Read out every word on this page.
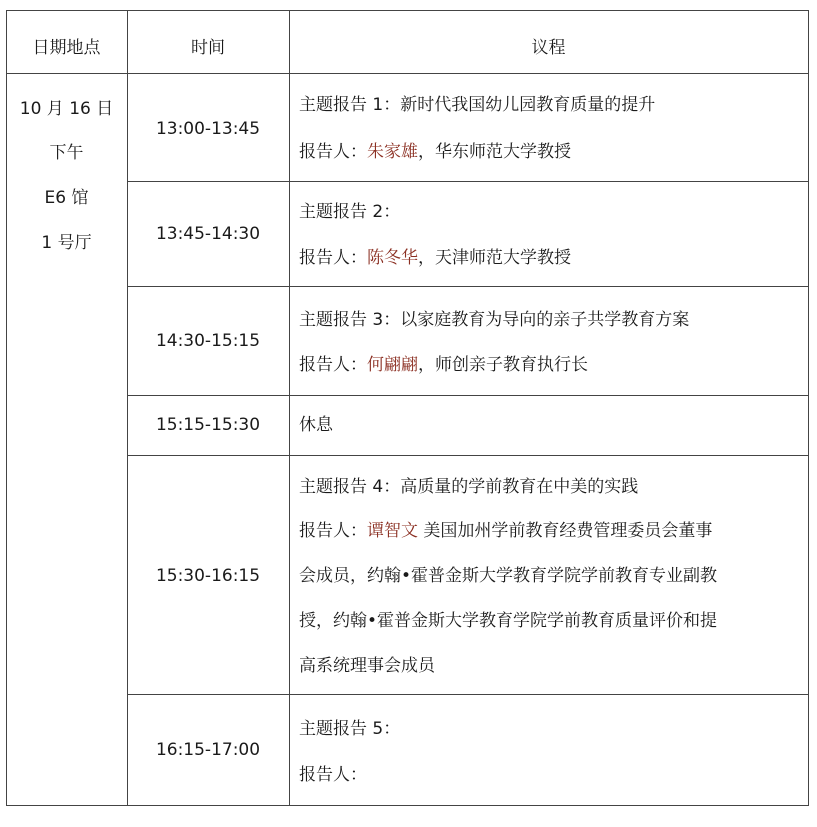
日期地点	时间	议程
10 月 16 日
下午
E6 馆
1 号厅
13:00-13:45
13:45-14:30
14:30-15:15
15:15-15:30
15:30-16:15
16:15-17:00
主题报告 1：新时代我国幼儿园教育质量的提升
报告人：朱家雄，华东师范大学教授
主题报告 2：
报告人：陈冬华，天津师范大学教授
主题报告 3：以家庭教育为导向的亲子共学教育方案
报告人：何翩翩，师创亲子教育执行长
休息
主题报告 4：高质量的学前教育在中美的实践
报告人：谭智文 美国加州学前教育经费管理委员会董事
会成员，约翰•霍普金斯大学教育学院学前教育专业副教
授，约翰•霍普金斯大学教育学院学前教育质量评价和提
高系统理事会成员
主题报告 5：
报告人：
